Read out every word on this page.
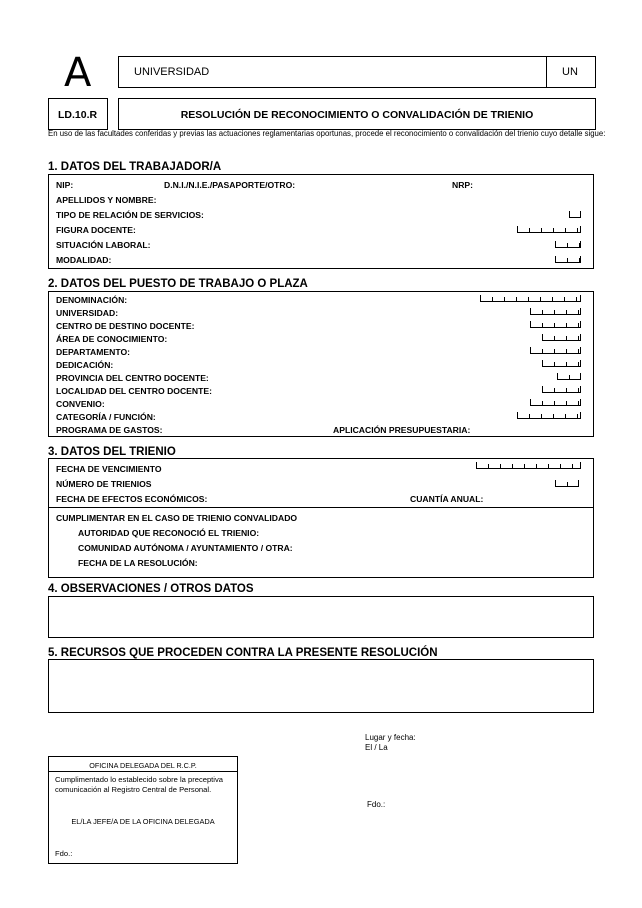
A	UNIVERSIDAD	UN
LD.10.R	RESOLUCIÓN DE RECONOCIMIENTO O CONVALIDACIÓN DE TRIENIO
En uso de las facultades conferidas y previas las actuaciones reglamentarias oportunas, procede el reconocimiento o convalidación del trienio cuyo detalle sigue:
1. DATOS DEL TRABAJADOR/A
NIP:	D.N.I./N.I.E./PASAPORTE/OTRO:	NRP:
APELLIDOS Y NOMBRE:
TIPO DE RELACIÓN DE SERVICIOS:
FIGURA DOCENTE:
SITUACIÓN LABORAL:
MODALIDAD:
2. DATOS DEL PUESTO DE TRABAJO O PLAZA
DENOMINACIÓN:
UNIVERSIDAD:
CENTRO DE DESTINO DOCENTE:
ÁREA DE CONOCIMIENTO:
DEPARTAMENTO:
DEDICACIÓN:
PROVINCIA DEL CENTRO DOCENTE:
LOCALIDAD DEL CENTRO DOCENTE:
CONVENIO:
CATEGORÍA / FUNCIÓN:
PROGRAMA DE GASTOS:	APLICACIÓN PRESUPUESTARIA:
3. DATOS DEL TRIENIO
FECHA DE VENCIMIENTO
NÚMERO DE TRIENIOS
FECHA DE EFECTOS ECONÓMICOS:	CUANTÍA ANUAL:
CUMPLIMENTAR EN EL CASO DE TRIENIO CONVALIDADO
AUTORIDAD QUE RECONOCIÓ EL TRIENIO:
COMUNIDAD AUTÓNOMA / AYUNTAMIENTO / OTRA:
FECHA DE LA RESOLUCIÓN:
4. OBSERVACIONES / OTROS DATOS
5. RECURSOS QUE PROCEDEN CONTRA LA PRESENTE RESOLUCIÓN
Lugar y fecha:
El / La
Fdo.:
OFICINA DELEGADA DEL R.C.P.
Cumplimentado lo establecido sobre la preceptiva comunicación al Registro Central de Personal.
EL/LA JEFE/A DE LA OFICINA DELEGADA
Fdo.:
